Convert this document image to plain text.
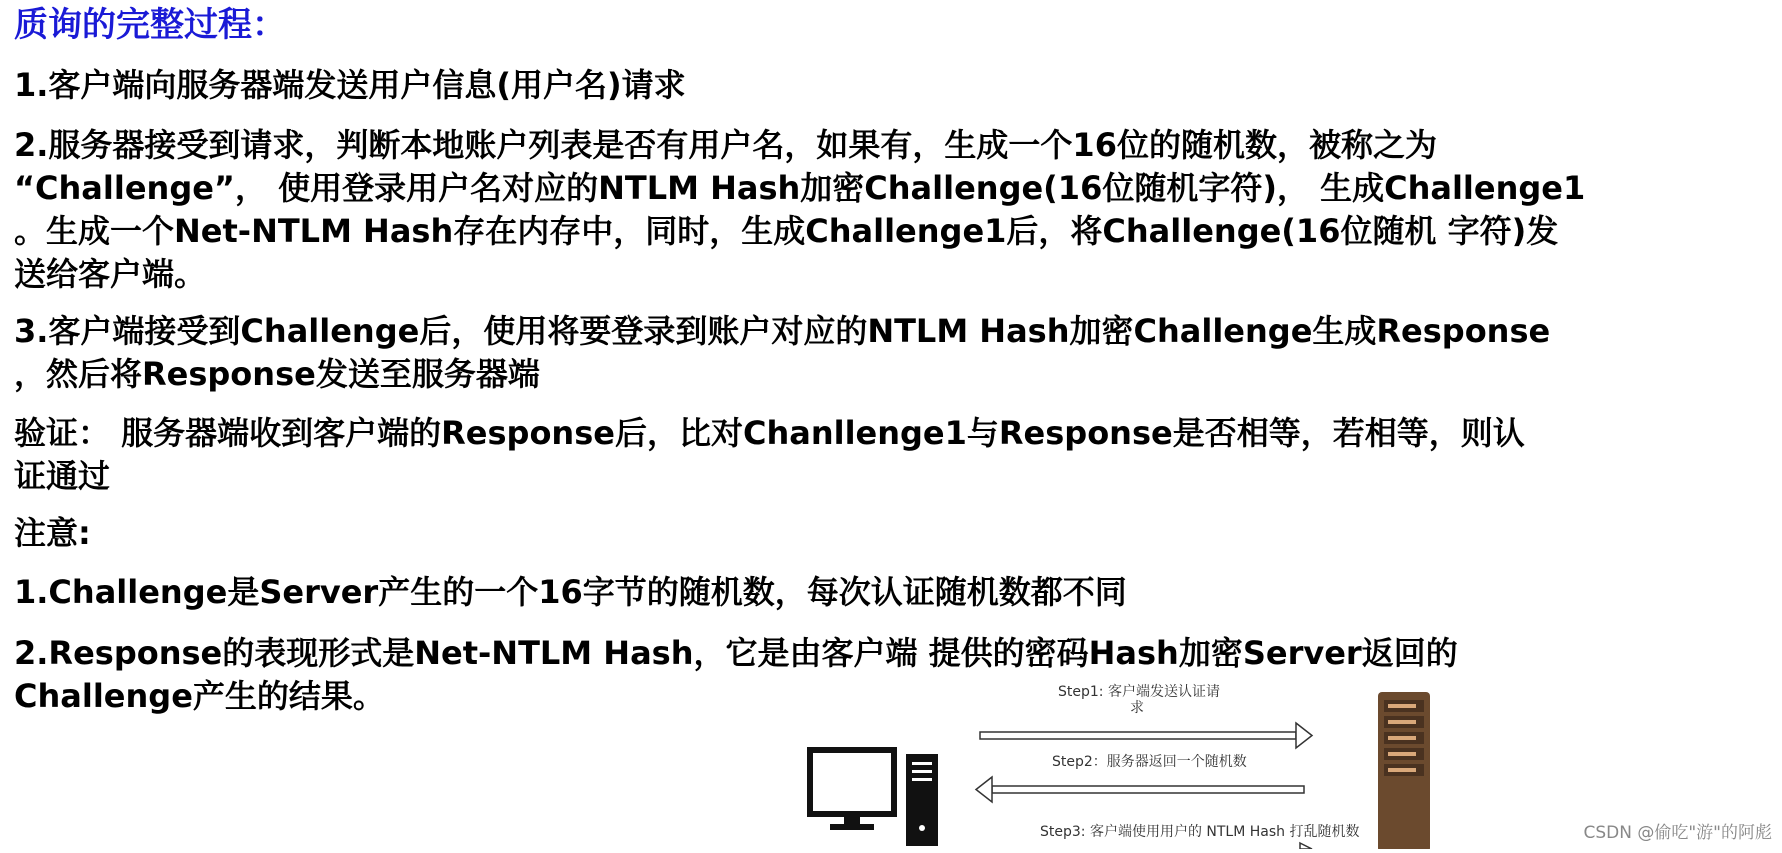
质询的完整过程：
1.客户端向服务器端发送用户信息(用户名)请求
2.服务器接受到请求，判断本地账户列表是否有用户名，如果有，生成一个16位的随机数，被称之为
“Challenge”， 使用登录用户名对应的NTLM Hash加密Challenge(16位随机字符)， 生成Challenge1
。生成一个Net-NTLM Hash存在内存中，同时，生成Challenge1后，将Challenge(16位随机 字符)发
送给客户端。
3.客户端接受到Challenge后，使用将要登录到账户对应的NTLM Hash加密Challenge生成Response
，然后将Response发送至服务器端
验证： 服务器端收到客户端的Response后，比对Chanllenge1与Response是否相等，若相等，则认
证通过
注意:
1.Challenge是Server产生的一个16字节的随机数，每次认证随机数都不同
2.Response的表现形式是Net-NTLM Hash，它是由客户端 提供的密码Hash加密Server返回的
Challenge产生的结果。	Step1: 客户端发送认证请
求
Step2：服务器返回一个随机数
Step3: 客户端使用用户的 NTLM Hash 打乱随机数	CSDN @偷吃"游"的阿彪
